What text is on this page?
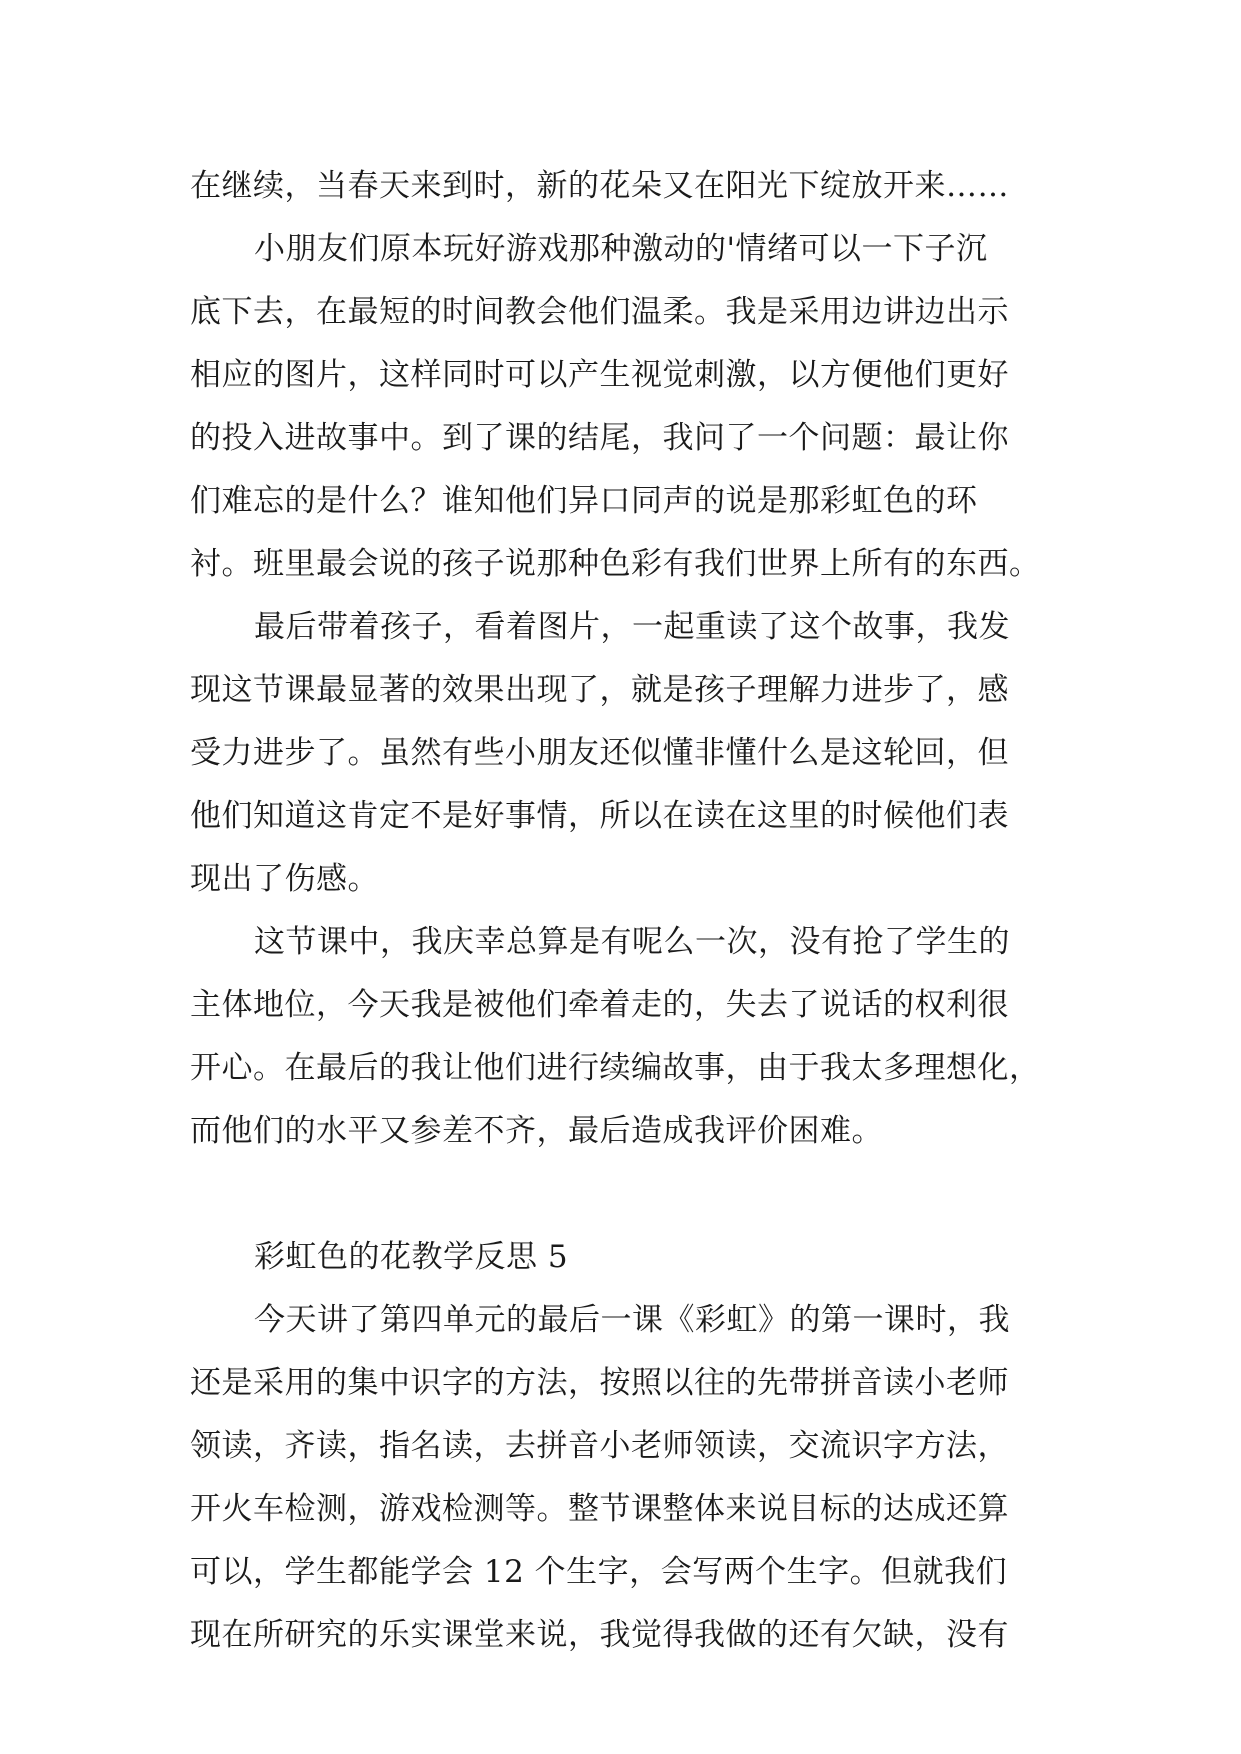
在继续，当春天来到时，新的花朵又在阳光下绽放开来……
小朋友们原本玩好游戏那种激动的'情绪可以一下子沉
底下去，在最短的时间教会他们温柔。我是采用边讲边出示
相应的图片，这样同时可以产生视觉刺激，以方便他们更好
的投入进故事中。到了课的结尾，我问了一个问题：最让你
们难忘的是什么？谁知他们异口同声的说是那彩虹色的环
衬。班里最会说的孩子说那种色彩有我们世界上所有的东西。
最后带着孩子，看着图片，一起重读了这个故事，我发
现这节课最显著的效果出现了，就是孩子理解力进步了，感
受力进步了。虽然有些小朋友还似懂非懂什么是这轮回，但
他们知道这肯定不是好事情，所以在读在这里的时候他们表
现出了伤感。
这节课中，我庆幸总算是有呢么一次，没有抢了学生的
主体地位，今天我是被他们牵着走的，失去了说话的权利很
开心。在最后的我让他们进行续编故事，由于我太多理想化，
而他们的水平又参差不齐，最后造成我评价困难。
彩虹色的花教学反思 5
今天讲了第四单元的最后一课《彩虹》的第一课时，我
还是采用的集中识字的方法，按照以往的先带拼音读小老师
领读，齐读，指名读，去拼音小老师领读，交流识字方法，
开火车检测，游戏检测等。整节课整体来说目标的达成还算
可以，学生都能学会 12 个生字，会写两个生字。但就我们
现在所研究的乐实课堂来说，我觉得我做的还有欠缺，没有
